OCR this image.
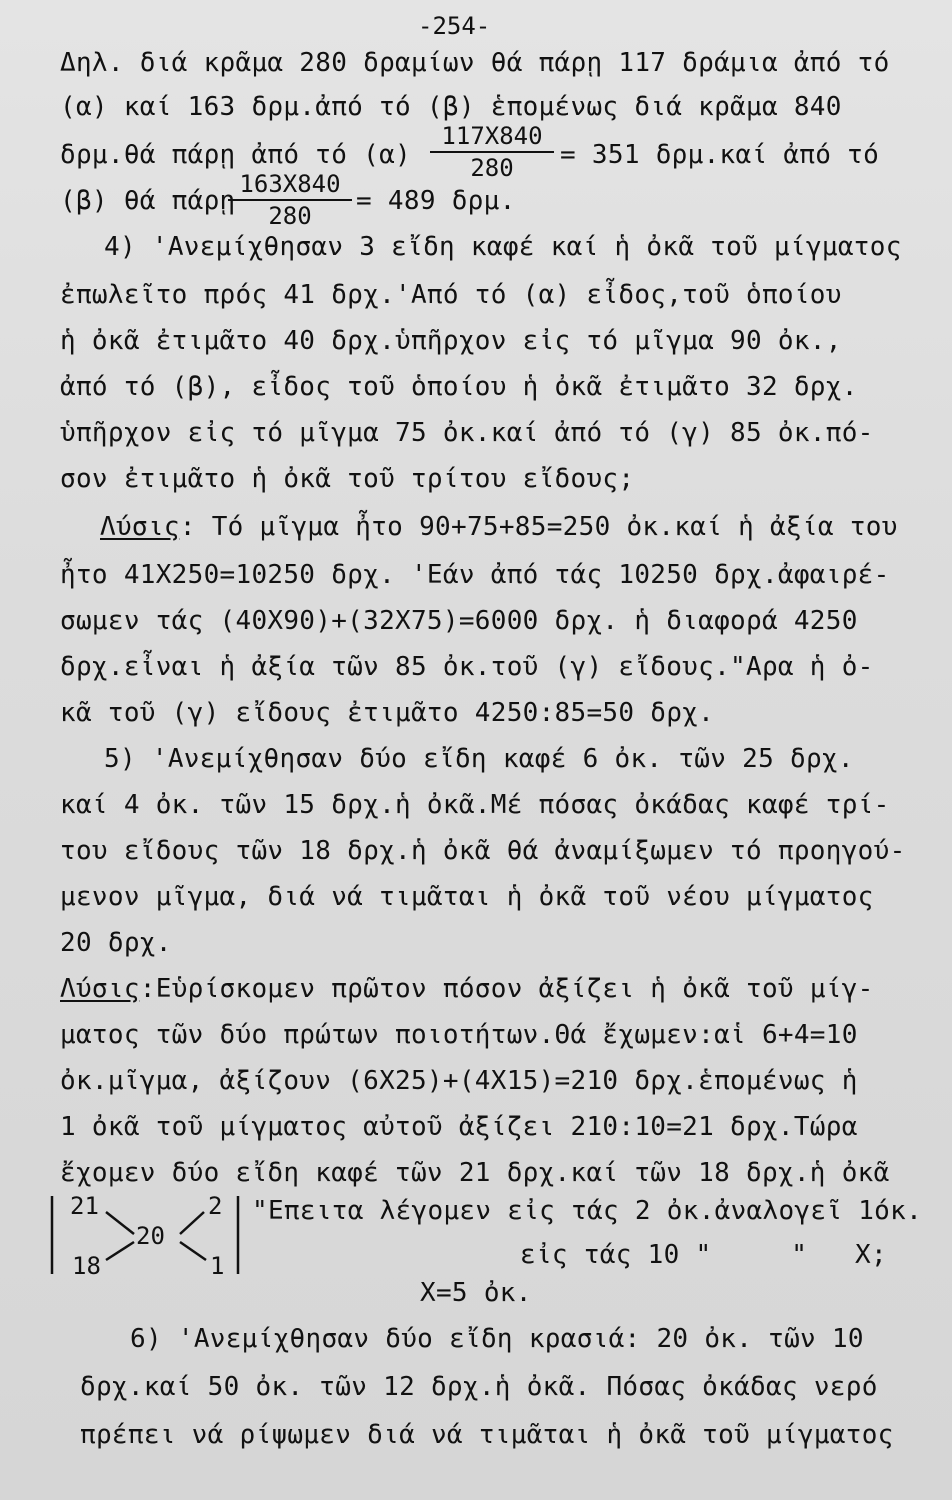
-254-
Δηλ. διά κρᾶμα 280 δραμίων θά πάρῃ 117 δράμια ἀπό τό
(α) καί 163 δρμ.ἀπό τό (β) ἑπομένως διά κρᾶμα 840
δρμ.θά πάρῃ ἀπό τό (α)
117Χ840
280	= 351 δρμ.καί ἀπό τό
(β) θά πάρῃ
163Χ840
280	= 489 δρμ.
4) 'Ανεμίχθησαν 3 εἴδη καφέ καί ἡ ὀκᾶ τοῦ μίγματος
ἐπωλεῖτο πρός 41 δρχ.'Από τό (α) εἶδος,τοῦ ὁποίου
ἡ ὀκᾶ ἐτιμᾶτο 40 δρχ.ὑπῆρχον εἰς τό μῖγμα 90 ὀκ.,
ἀπό τό (β), εἶδος τοῦ ὁποίου ἡ ὀκᾶ ἐτιμᾶτο 32 δρχ.
ὑπῆρχον εἰς τό μῖγμα 75 ὀκ.καί ἀπό τό (γ) 85 ὀκ.πό-
σον ἐτιμᾶτο ἡ ὀκᾶ τοῦ τρίτου εἴδους;
Λύσις: Τό μῖγμα ἦτο 90+75+85=250 ὀκ.καί ἡ ἀξία του
ἦτο 41Χ250=10250 δρχ. 'Εάν ἀπό τάς 10250 δρχ.ἀφαιρέ-
σωμεν τάς (40Χ90)+(32Χ75)=6000 δρχ. ἡ διαφορά 4250
δρχ.εἶναι ἡ ἀξία τῶν 85 ὀκ.τοῦ (γ) εἴδους."Αρα ἡ ὀ-
κᾶ τοῦ (γ) εἴδους ἐτιμᾶτο 4250:85=50 δρχ.
5) 'Ανεμίχθησαν δύο εἴδη καφέ 6 ὀκ. τῶν 25 δρχ.
καί 4 ὀκ. τῶν 15 δρχ.ἡ ὀκᾶ.Μέ πόσας ὀκάδας καφέ τρί-
του εἴδους τῶν 18 δρχ.ἡ ὀκᾶ θά ἀναμίξωμεν τό προηγού-
μενον μῖγμα, διά νά τιμᾶται ἡ ὀκᾶ τοῦ νέου μίγματος
20 δρχ.
Λύσις:Εὑρίσκομεν πρῶτον πόσον ἀξίζει ἡ ὀκᾶ τοῦ μίγ-
ματος τῶν δύο πρώτων ποιοτήτων.Θά ἔχωμεν:αἱ 6+4=10
ὀκ.μῖγμα, ἀξίζουν (6Χ25)+(4Χ15)=210 δρχ.ἑπομένως ἡ
1 ὀκᾶ τοῦ μίγματος αὐτοῦ ἀξίζει 210:10=21 δρχ.Τώρα
ἔχομεν δύο εἴδη καφέ τῶν 21 δρχ.καί τῶν 18 δρχ.ἡ ὀκᾶ
21	2
20
18	1
"Επειτα λέγομεν εἰς τάς 2 ὀκ.ἀναλογεῖ 1όκ.
εἰς τάς 10 "     "   Χ;
Χ=5 ὀκ.
6) 'Ανεμίχθησαν δύο εἴδη κρασιά: 20 ὀκ. τῶν 10
δρχ.καί 50 ὀκ. τῶν 12 δρχ.ἡ ὀκᾶ. Πόσας ὀκάδας νερό
πρέπει νά ρίψωμεν διά νά τιμᾶται ἡ ὀκᾶ τοῦ μίγματος
